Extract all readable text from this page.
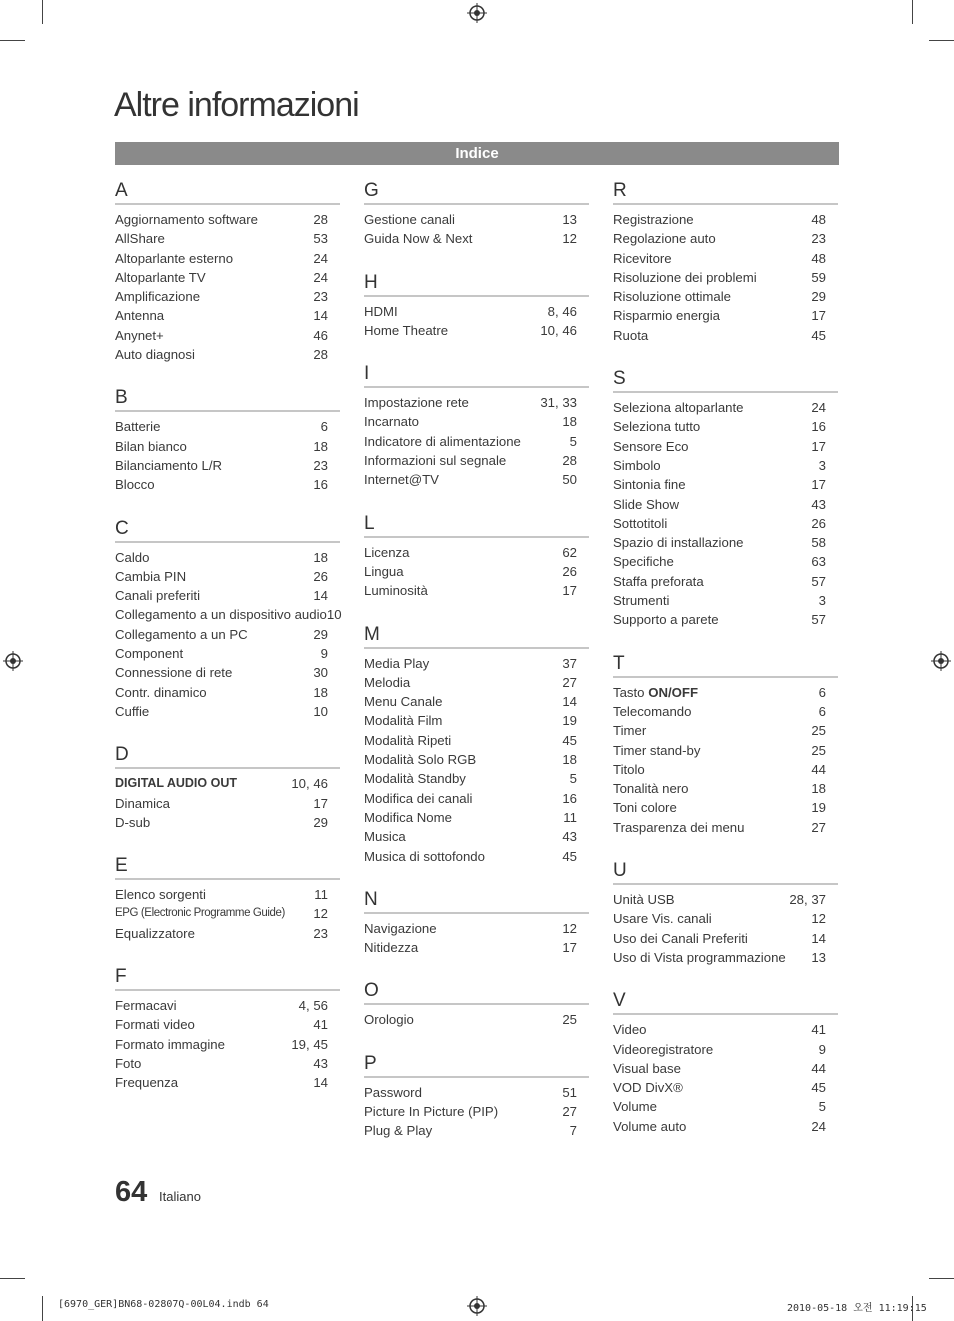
Altre informazioni
Indice
A
Aggiornamento software	28
AllShare	53
Altoparlante esterno	24
Altoparlante TV	24
Amplificazione	23
Antenna	14
Anynet+	46
Auto diagnosi	28
B
Batterie	6
Bilan bianco	18
Bilanciamento L/R	23
Blocco	16
C
Caldo	18
Cambia PIN	26
Canali preferiti	14
Collegamento a un dispositivo audio 10
Collegamento a un PC	29
Component	9
Connessione di rete	30
Contr. dinamico	18
Cuffie	10
D
DIGITAL AUDIO OUT	10, 46
Dinamica	17
D-sub	29
E
Elenco sorgenti	11
EPG (Electronic Programme Guide) 12
Equalizzatore	23
F
Fermacavi	4, 56
Formati video	41
Formato immagine	19, 45
Foto	43
Frequenza	14
G
Gestione canali	13
Guida Now & Next	12
H
HDMI	8, 46
Home Theatre	10, 46
I
Impostazione rete	31, 33
Incarnato	18
Indicatore di alimentazione	5
Informazioni sul segnale	28
Internet@TV	50
L
Licenza	62
Lingua	26
Luminosità	17
M
Media Play	37
Melodia	27
Menu Canale	14
Modalità Film	19
Modalità Ripeti	45
Modalità Solo RGB	18
Modalità Standby	5
Modifica dei canali	16
Modifica Nome	11
Musica	43
Musica di sottofondo	45
N
Navigazione	12
Nitidezza	17
O
Orologio	25
P
Password	51
Picture In Picture (PIP)	27
Plug & Play	7
R
Registrazione	48
Regolazione auto	23
Ricevitore	48
Risoluzione dei problemi	59
Risoluzione ottimale	29
Risparmio energia	17
Ruota	45
S
Seleziona altoparlante	24
Seleziona tutto	16
Sensore Eco	17
Simbolo	3
Sintonia fine	17
Slide Show	43
Sottotitoli	26
Spazio di installazione	58
Specifiche	63
Staffa preforata	57
Strumenti	3
Supporto a parete	57
T
Tasto ON/OFF	6
Telecomando	6
Timer	25
Timer stand-by	25
Titolo	44
Tonalità nero	18
Toni colore	19
Trasparenza dei menu	27
U
Unità USB	28, 37
Usare Vis. canali	12
Uso dei Canali Preferiti	14
Uso di Vista programmazione 13
V
Video	41
Videoregistratore	9
Visual base	44
VOD DivX®	45
Volume	5
Volume auto	24
64 Italiano
[6970_GER]BN68-02807Q-00L04.indb 64	2010-05-18 오전 11:19:15
